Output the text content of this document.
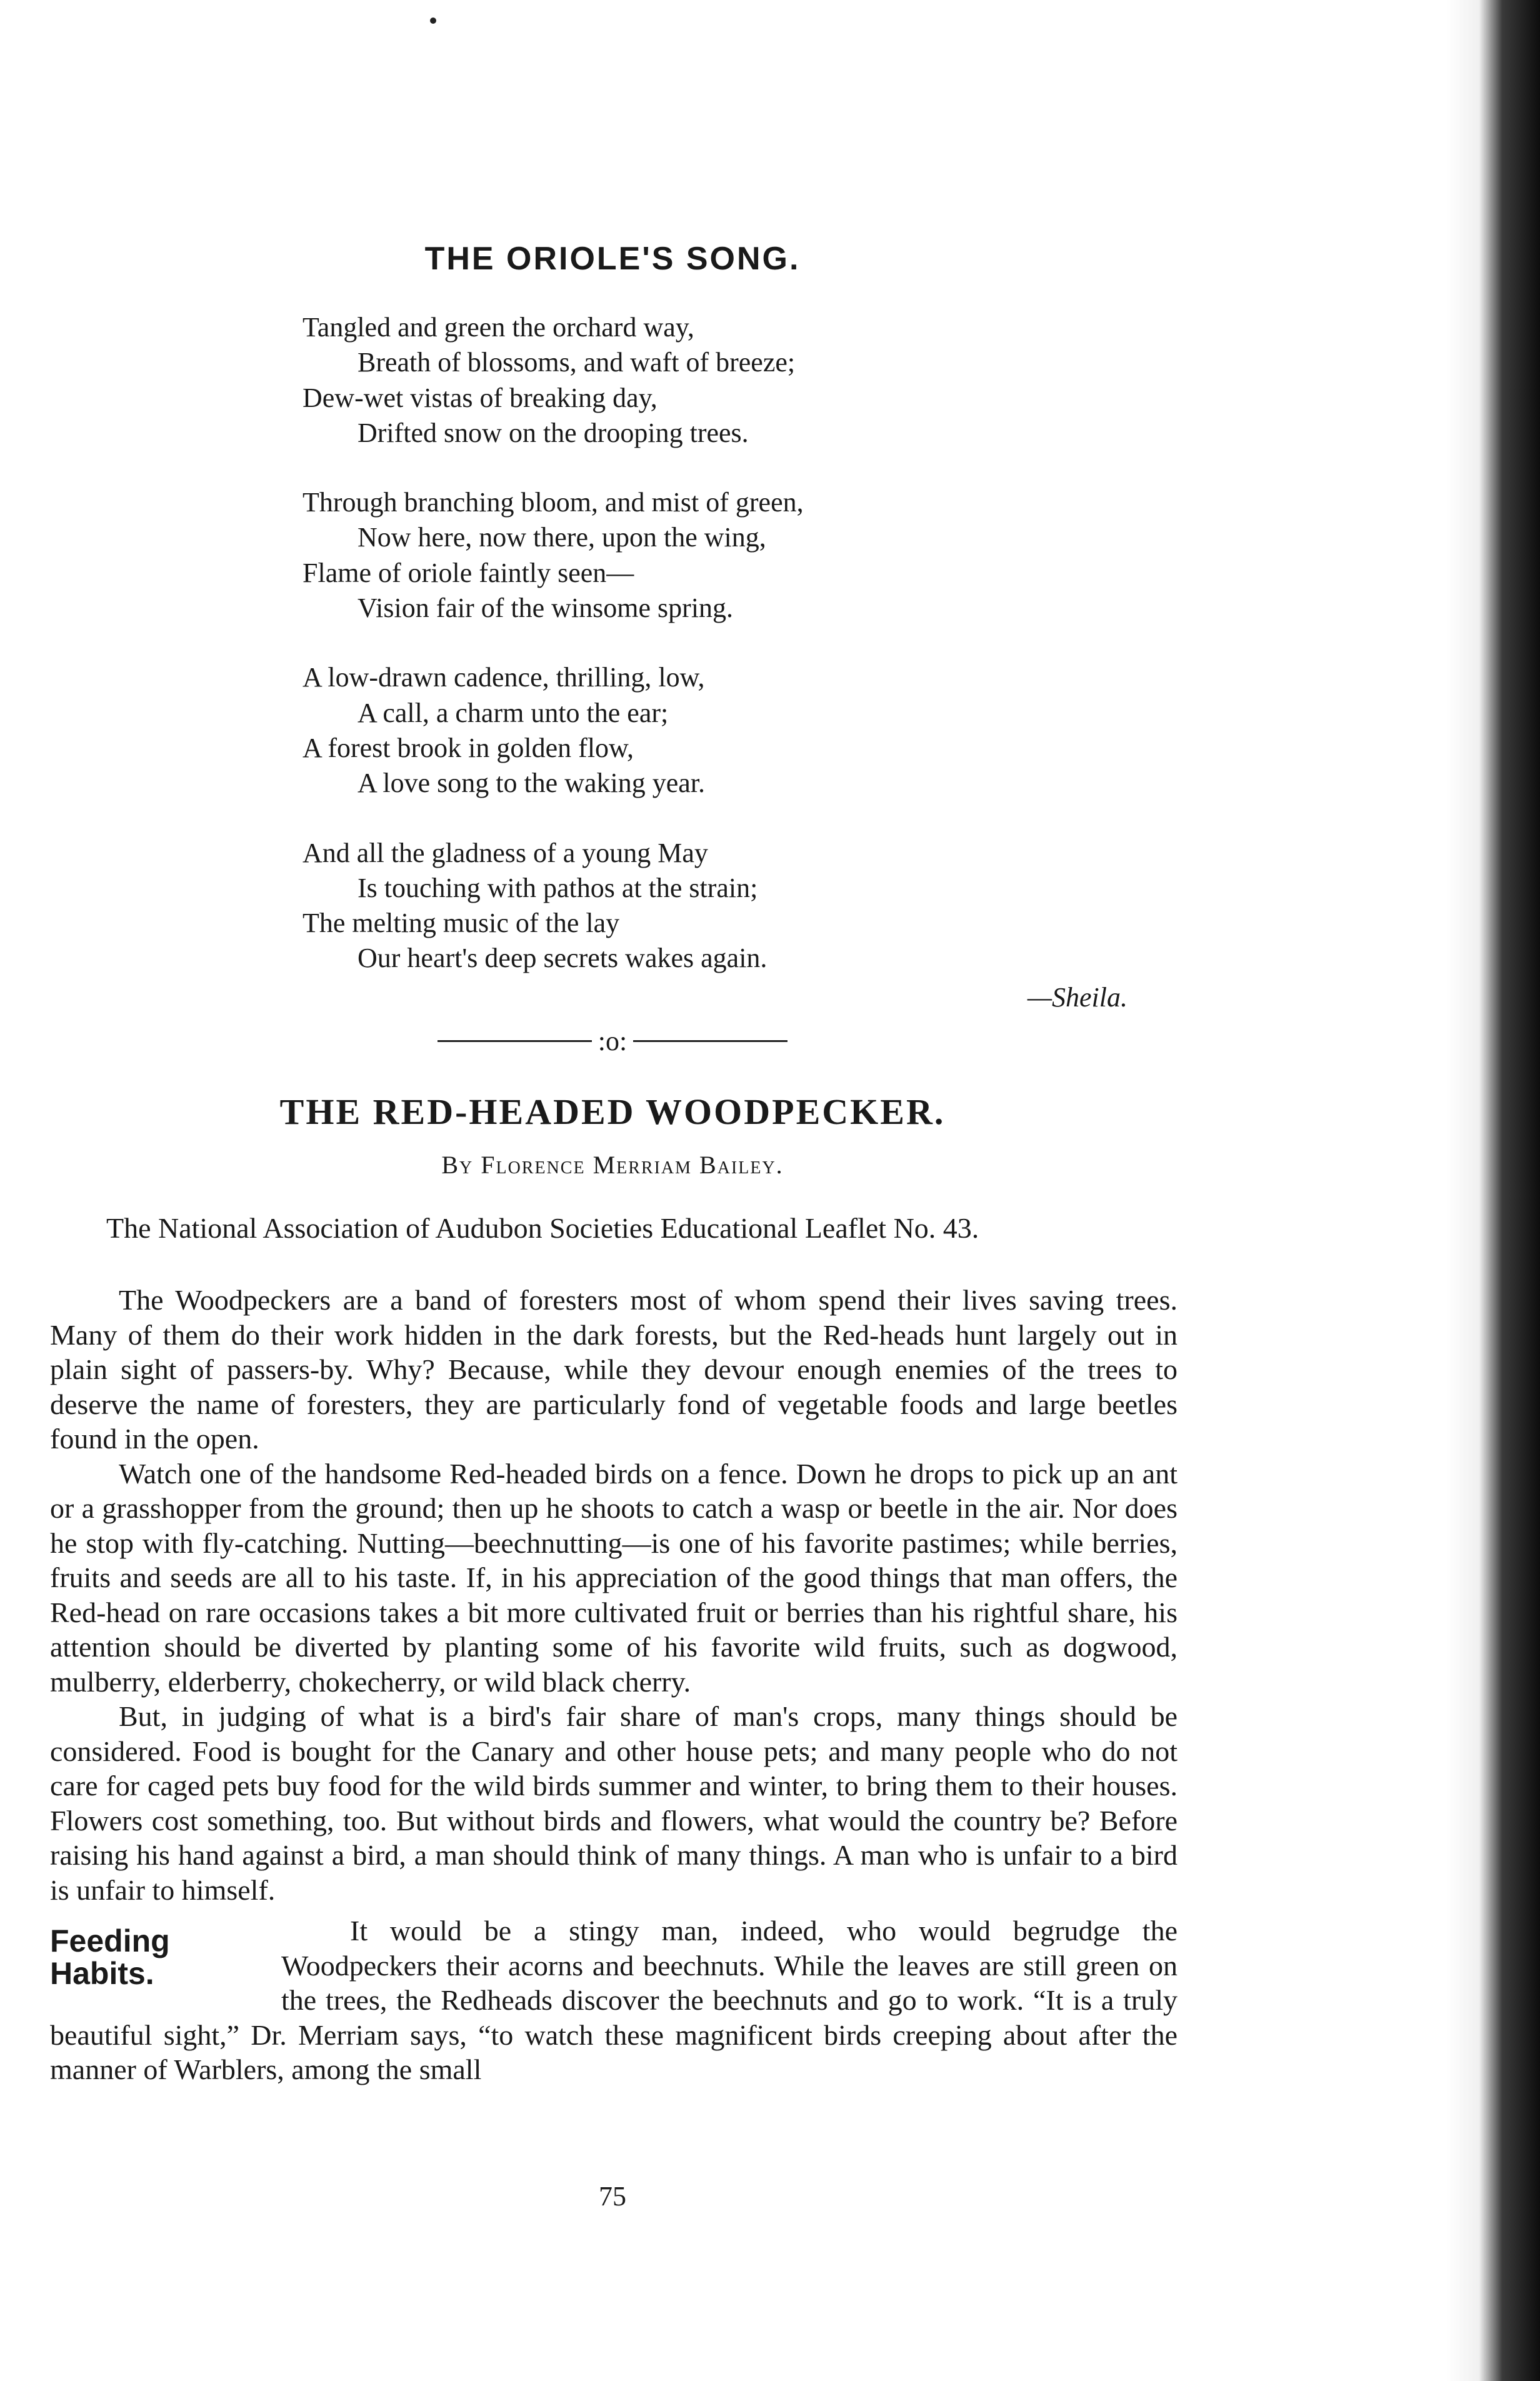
THE ORIOLE'S SONG.
Tangled and green the orchard way,
Breath of blossoms, and waft of breeze;
Dew-wet vistas of breaking day,
Drifted snow on the drooping trees.
Through branching bloom, and mist of green,
Now here, now there, upon the wing,
Flame of oriole faintly seen—
Vision fair of the winsome spring.
A low-drawn cadence, thrilling, low,
A call, a charm unto the ear;
A forest brook in golden flow,
A love song to the waking year.
And all the gladness of a young May
Is touching with pathos at the strain;
The melting music of the lay
Our heart's deep secrets wakes again.
—Sheila.
:o:
THE RED-HEADED WOODPECKER.
By Florence Merriam Bailey.
The National Association of Audubon Societies Educational Leaflet No. 43.

The Woodpeckers are a band of foresters most of whom spend their lives saving trees. Many of them do their work hidden in the dark forests, but the Red-heads hunt largely out in plain sight of passers-by. Why? Because, while they devour enough enemies of the trees to deserve the name of foresters, they are particularly fond of vegetable foods and large beetles found in the open.

Watch one of the handsome Red-headed birds on a fence. Down he drops to pick up an ant or a grasshopper from the ground; then up he shoots to catch a wasp or beetle in the air. Nor does he stop with fly-catching. Nutting—beechnutting—is one of his favorite pastimes; while berries, fruits and seeds are all to his taste. If, in his appreciation of the good things that man offers, the Red-head on rare occasions takes a bit more cultivated fruit or berries than his rightful share, his attention should be diverted by planting some of his favorite wild fruits, such as dogwood, mulberry, elderberry, chokecherry, or wild black cherry.

But, in judging of what is a bird's fair share of man's crops, many things should be considered. Food is bought for the Canary and other house pets; and many people who do not care for caged pets buy food for the wild birds summer and winter, to bring them to their houses. Flowers cost something, too. But without birds and flowers, what would the country be? Before raising his hand against a bird, a man should think of many things. A man who is unfair to a bird is unfair to himself.

Feeding Habits.

It would be a stingy man, indeed, who would begrudge the Woodpeckers their acorns and beechnuts. While the leaves are still green on the trees, the Redheads discover the beechnuts and go to work. “It is a truly beautiful sight,” Dr. Merriam says, “to watch these magnificent birds creeping about after the manner of Warblers, among the small

75
